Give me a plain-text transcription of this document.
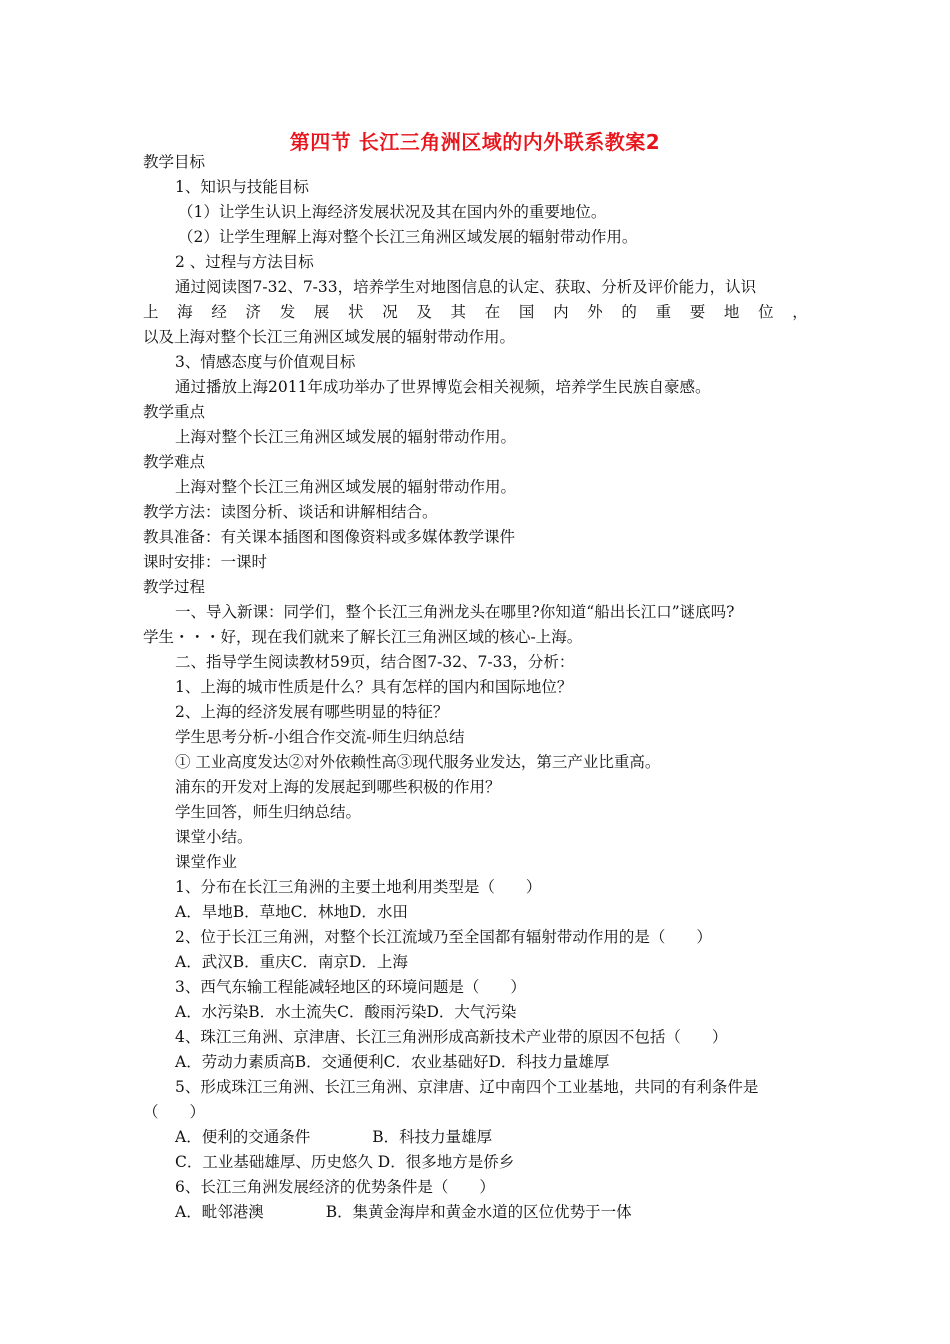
第四节 长江三角洲区域的内外联系教案2
教学目标
1、知识与技能目标
（1）让学生认识上海经济发展状况及其在国内外的重要地位。
（2）让学生理解上海对整个长江三角洲区域发展的辐射带动作用。
2 、过程与方法目标
通过阅读图7-32、7-33，培养学生对地图信息的认定、获取、分析及评价能力，认识
上 海 经 济 发 展 状 况 及 其 在 国 内 外 的 重 要 地 位 ，
以及上海对整个长江三角洲区域发展的辐射带动作用。
3、情感态度与价值观目标
通过播放上海2011年成功举办了世界博览会相关视频，培养学生民族自豪感。
教学重点
上海对整个长江三角洲区域发展的辐射带动作用。
教学难点
上海对整个长江三角洲区域发展的辐射带动作用。
教学方法：读图分析、谈话和讲解相结合。
教具准备：有关课本插图和图像资料或多媒体教学课件
课时安排：一课时
教学过程
一、导入新课：同学们，整个长江三角洲龙头在哪里?你知道“船出长江口”谜底吗?
学生・・・好，现在我们就来了解长江三角洲区域的核心-上海。
二、指导学生阅读教材59页，结合图7-32、7-33，分析：
1、上海的城市性质是什么？具有怎样的国内和国际地位？
2、上海的经济发展有哪些明显的特征？
学生思考分析-小组合作交流-师生归纳总结
① 工业高度发达②对外依赖性高③现代服务业发达，第三产业比重高。
浦东的开发对上海的发展起到哪些积极的作用？
学生回答，师生归纳总结。
课堂小结。
课堂作业
1、分布在长江三角洲的主要土地利用类型是（　　）
A．旱地B．草地C．林地D．水田
2、位于长江三角洲，对整个长江流域乃至全国都有辐射带动作用的是（　　）
A．武汉B．重庆C．南京D．上海
3、西气东输工程能减轻地区的环境问题是（　　）
A．水污染B．水土流失C．酸雨污染D．大气污染
4、珠江三角洲、京津唐、长江三角洲形成高新技术产业带的原因不包括（　　）
A．劳动力素质高B．交通便利C．农业基础好D．科技力量雄厚
5、形成珠江三角洲、长江三角洲、京津唐、辽中南四个工业基地，共同的有利条件是
（　　）
A．便利的交通条件　　　　B．科技力量雄厚
C．工业基础雄厚、历史悠久 D．很多地方是侨乡
6、长江三角洲发展经济的优势条件是（　　）
A．毗邻港澳　　　　B．集黄金海岸和黄金水道的区位优势于一体
